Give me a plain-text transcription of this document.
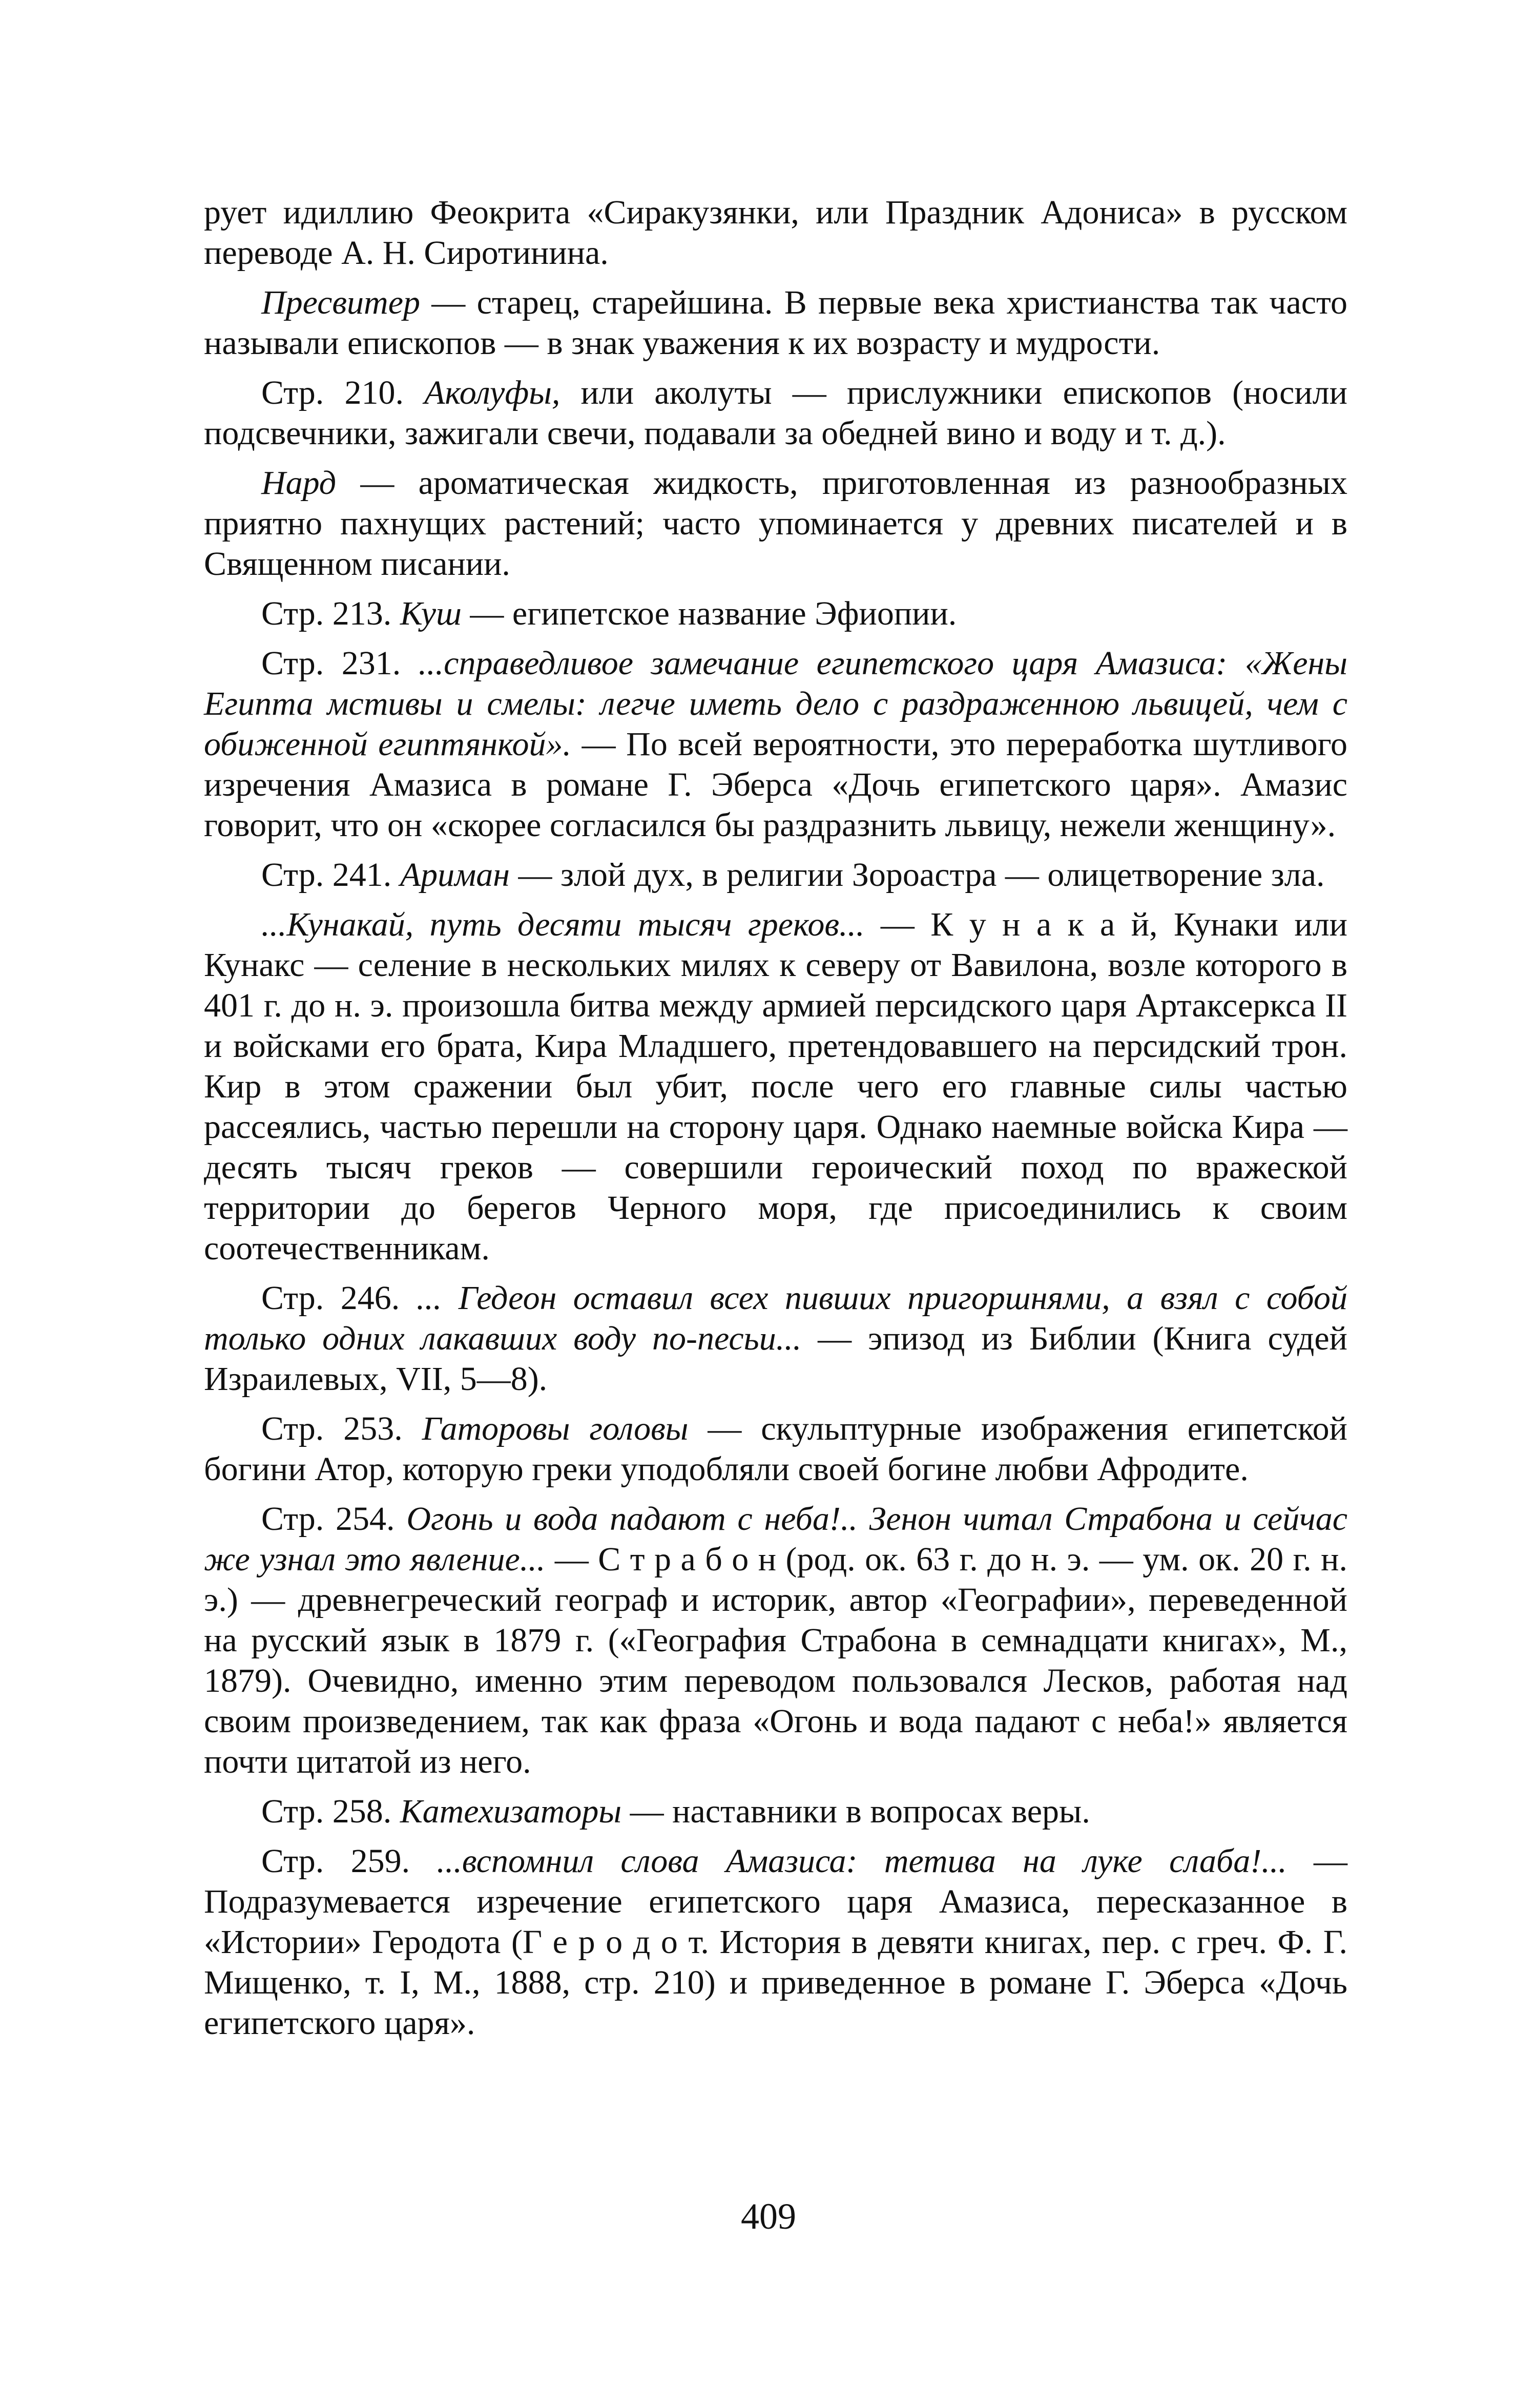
рует идиллию Феокрита «Сиракузянки, или Праздник Адониса» в русском переводе А. Н. Сиротинина.

Пресвитер — старец, старейшина. В первые века христианства так часто называли епископов — в знак уважения к их возрасту и мудрости.

Стр. 210. Аколуфы, или аколуты — прислужники епископов (носили подсвечники, зажигали свечи, подавали за обедней вино и воду и т. д.).

Нард — ароматическая жидкость, приготовленная из разнообразных приятно пахнущих растений; часто упоминается у древних писателей и в Священном писании.

Стр. 213. Куш — египетское название Эфиопии.

Стр. 231. ...справедливое замечание египетского царя Амазиса: «Жены Египта мстивы и смелы: легче иметь дело с раздраженною львицей, чем с обиженной египтянкой». — По всей вероятности, это переработка шутливого изречения Амазиса в романе Г. Эберса «Дочь египетского царя». Амазис говорит, что он «скорее согласился бы раздразнить львицу, нежели женщину».

Стр. 241. Ариман — злой дух, в религии Зороастра — олицетворение зла.

...Кунакай, путь десяти тысяч греков... — К у н а к а й, Кунаки или Кунакс — селение в нескольких милях к северу от Вавилона, возле которого в 401 г. до н. э. произошла битва между армией персидского царя Артаксеркса II и войсками его брата, Кира Младшего, претендовавшего на персидский трон. Кир в этом сражении был убит, после чего его главные силы частью рассеялись, частью перешли на сторону царя. Однако наемные войска Кира — десять тысяч греков — совершили героический поход по вражеской территории до берегов Черного моря, где присоединились к своим соотечественникам.

Стр. 246. ... Гедеон оставил всех пивших пригоршнями, а взял с собой только одних лакавших воду по-песьи... — эпизод из Библии (Книга судей Израилевых, VII, 5—8).

Стр. 253. Гаторовы головы — скульптурные изображения египетской богини Атор, которую греки уподобляли своей богине любви Афродите.

Стр. 254. Огонь и вода падают с неба!.. Зенон читал Страбона и сейчас же узнал это явление... — С т р а б о н (род. ок. 63 г. до н. э. — ум. ок. 20 г. н. э.) — древнегреческий географ и историк, автор «Географии», переведенной на русский язык в 1879 г. («География Страбона в семнадцати книгах», М., 1879). Очевидно, именно этим переводом пользовался Лесков, работая над своим произведением, так как фраза «Огонь и вода падают с неба!» является почти цитатой из него.

Стр. 258. Катехизаторы — наставники в вопросах веры.

Стр. 259. ...вспомнил слова Амазиса: тетива на луке слаба!... — Подразумевается изречение египетского царя Амазиса, пересказанное в «Истории» Геродота (Г е р о д о т. История в девяти книгах, пер. с греч. Ф. Г. Мищенко, т. I, М., 1888, стр. 210) и приведенное в романе Г. Эберса «Дочь египетского царя».

409
